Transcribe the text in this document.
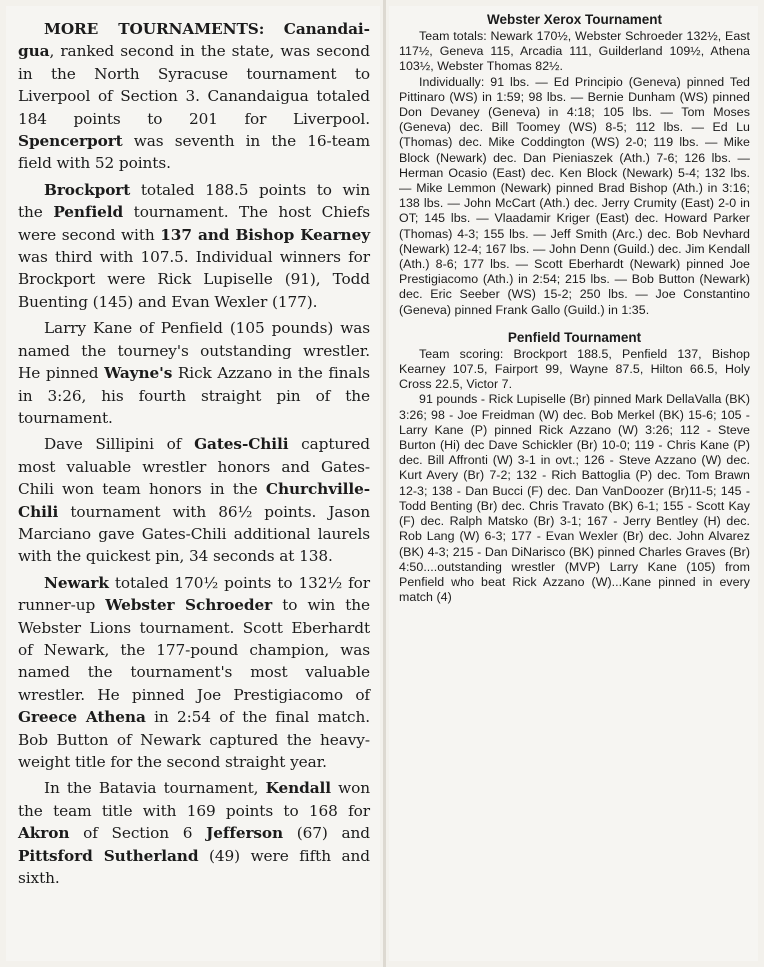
MORE TOURNAMENTS: Canandaigua, ranked second in the state, was second in the North Syracuse tournament to Liverpool of Section 3. Canandaigua totaled 184 points to 201 for Liverpool. Spencerport was seventh in the 16-team field with 52 points.

Brockport totaled 188.5 points to win the Penfield tournament. The host Chiefs were second with 137 and Bishop Kearney was third with 107.5. Individual winners for Brockport were Rick Lupiselle (91), Todd Buenting (145) and Evan Wexler (177).

Larry Kane of Penfield (105 pounds) was named the tourney's outstanding wrestler. He pinned Wayne's Rick Azzano in the finals in 3:26, his fourth straight pin of the tournament.

Dave Sillipini of Gates-Chili captured most valuable wrestler honors and Gates-Chili won team honors in the Churchville-Chili tournament with 86½ points. Jason Marciano gave Gates-Chili additional laurels with the quickest pin, 34 seconds at 138.

Newark totaled 170½ points to 132½ for runner-up Webster Schroeder to win the Webster Lions tournament. Scott Eberhardt of Newark, the 177-pound champion, was named the tournament's most valuable wrestler. He pinned Joe Prestigiacomo of Greece Athena in 2:54 of the final match. Bob Button of Newark captured the heavyweight title for the second straight year.

In the Batavia tournament, Kendall won the team title with 169 points to 168 for Akron of Section 6 Jefferson (67) and Pittsford Sutherland (49) were fifth and sixth.

Webster Xerox Tournament

Team totals: Newark 170½, Webster Schroeder 132½, East 117½, Geneva 115, Arcadia 111, Guilderland 109½, Athena 103½, Webster Thomas 82½.

Individually: 91 lbs. — Ed Principio (Geneva) pinned Ted Pittinaro (WS) in 1:59; 98 lbs. — Bernie Dunham (WS) pinned Don Devaney (Geneva) in 4:18; 105 lbs. — Tom Moses (Geneva) dec. Bill Toomey (WS) 8-5; 112 lbs. — Ed Lu (Thomas) dec. Mike Coddington (WS) 2-0; 119 lbs. — Mike Block (Newark) dec. Dan Pieniaszek (Ath.) 7-6; 126 lbs. — Herman Ocasio (East) dec. Ken Block (Newark) 5-4; 132 lbs. — Mike Lemmon (Newark) pinned Brad Bishop (Ath.) in 3:16; 138 lbs. — John McCart (Ath.) dec. Jerry Crumity (East) 2-0 in OT; 145 lbs. — Vlaadamir Kriger (East) dec. Howard Parker (Thomas) 4-3; 155 lbs. — Jeff Smith (Arc.) dec. Bob Nevhard (Newark) 12-4; 167 lbs. — John Denn (Guild.) dec. Jim Kendall (Ath.) 8-6; 177 lbs. — Scott Eberhardt (Newark) pinned Joe Prestigiacomo (Ath.) in 2:54; 215 lbs. — Bob Button (Newark) dec. Eric Seeber (WS) 15-2; 250 lbs. — Joe Constantino (Geneva) pinned Frank Gallo (Guild.) in 1:35.

Penfield Tournament

Team scoring: Brockport 188.5, Penfield 137, Bishop Kearney 107.5, Fairport 99, Wayne 87.5, Hilton 66.5, Holy Cross 22.5, Victor 7.

91 pounds - Rick Lupiselle (Br) pinned Mark DellaValla (BK) 3:26; 98 - Joe Freidman (W) dec. Bob Merkel (BK) 15-6; 105 - Larry Kane (P) pinned Rick Azzano (W) 3:26; 112 - Steve Burton (Hi) dec Dave Schickler (Br) 10-0; 119 - Chris Kane (P) dec. Bill Affronti (W) 3-1 in ovt.; 126 - Steve Azzano (W) dec. Kurt Avery (Br) 7-2; 132 - Rich Battoglia (P) dec. Tom Brawn 12-3; 138 - Dan Bucci (F) dec. Dan VanDoozer (Br)11-5; 145 - Todd Benting (Br) dec. Chris Travato (BK) 6-1; 155 - Scott Kay (F) dec. Ralph Matsko (Br) 3-1; 167 - Jerry Bentley (H) dec. Rob Lang (W) 6-3; 177 - Evan Wexler (Br) dec. John Alvarez (BK) 4-3; 215 - Dan DiNarisco (BK) pinned Charles Graves (Br) 4:50....outstanding wrestler (MVP) Larry Kane (105) from Penfield who beat Rick Azzano (W)...Kane pinned in every match (4)
